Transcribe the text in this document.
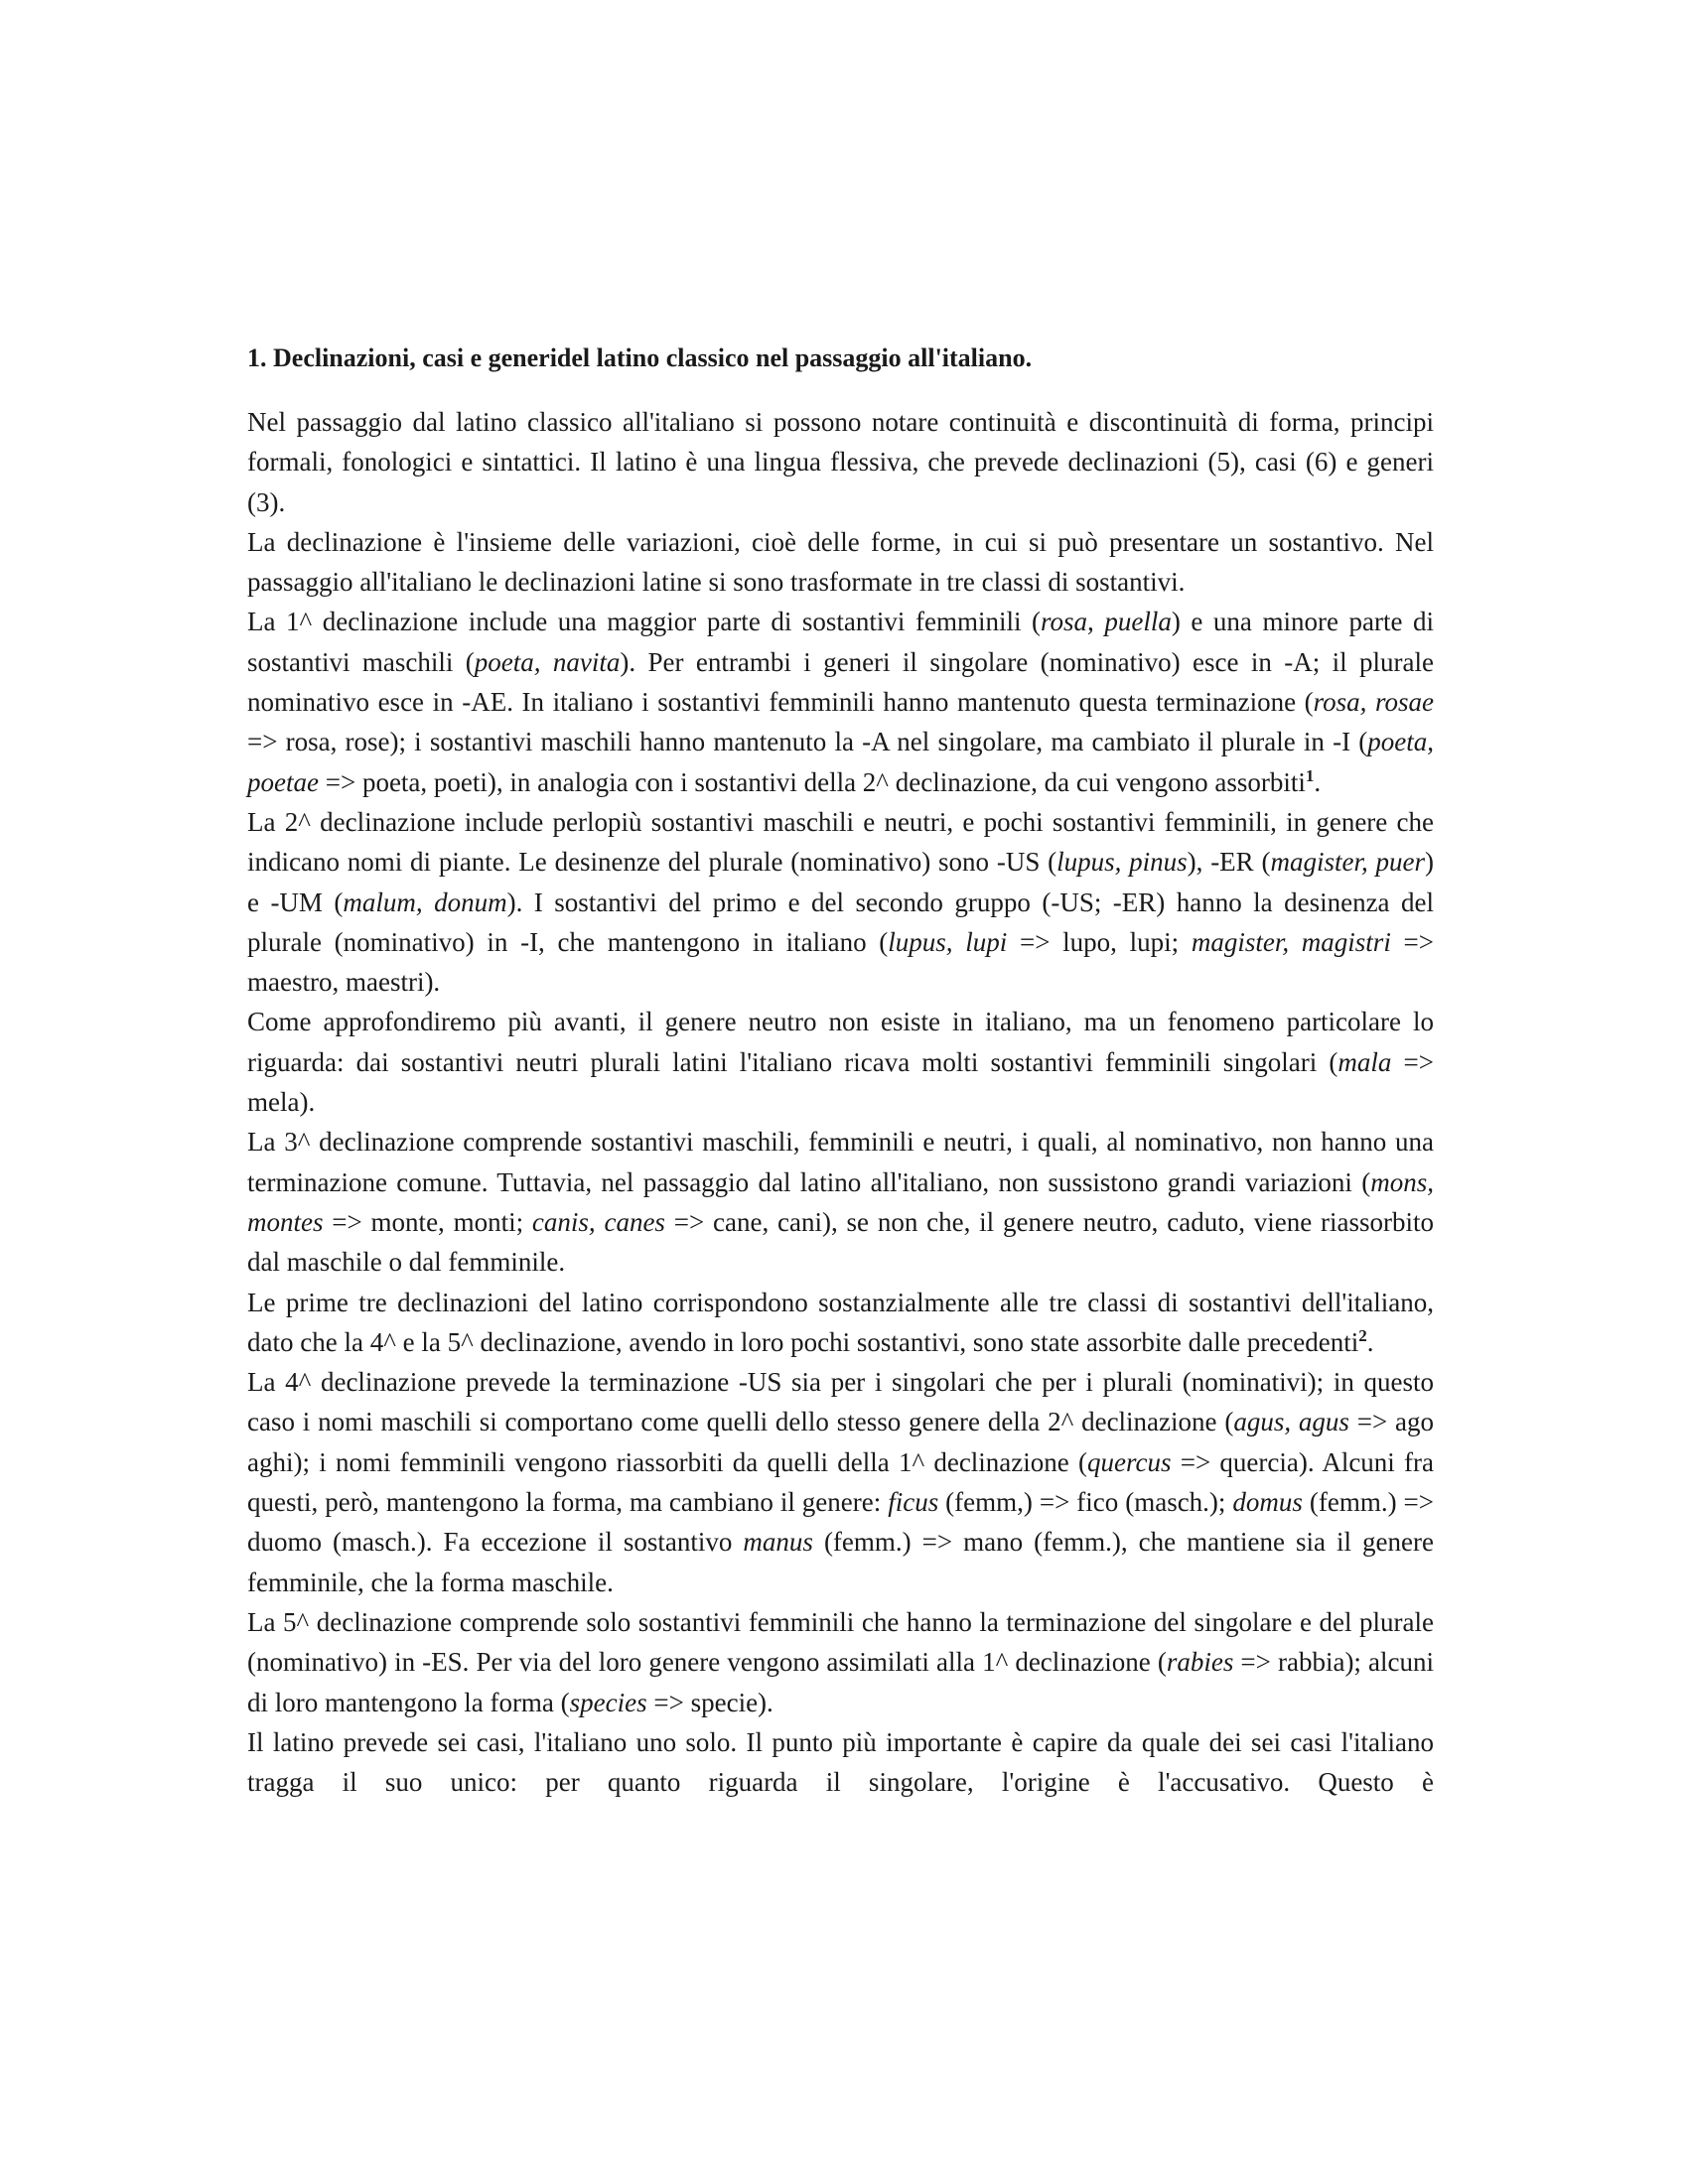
1. Declinazioni, casi e generidel latino classico nel passaggio all'italiano.

Nel passaggio dal latino classico all'italiano si possono notare continuità e discontinuità di forma, principi formali, fonologici e sintattici. Il latino è una lingua flessiva, che prevede declinazioni (5), casi (6) e generi (3).

La declinazione è l'insieme delle variazioni, cioè delle forme, in cui si può presentare un sostantivo. Nel passaggio all'italiano le declinazioni latine si sono trasformate in tre classi di sostantivi.

La 1^ declinazione include una maggior parte di sostantivi femminili (rosa, puella) e una minore parte di sostantivi maschili (poeta, navita). Per entrambi i generi il singolare (nominativo) esce in -A; il plurale nominativo esce in -AE. In italiano i sostantivi femminili hanno mantenuto questa terminazione (rosa, rosae => rosa, rose); i sostantivi maschili hanno mantenuto la -A nel singolare, ma cambiato il plurale in -I (poeta, poetae => poeta, poeti), in analogia con i sostantivi della 2^ declinazione, da cui vengono assorbiti$^1$.

La 2^ declinazione include perlopiù sostantivi maschili e neutri, e pochi sostantivi femminili, in genere che indicano nomi di piante. Le desinenze del plurale (nominativo) sono -US (lupus, pinus), -ER (magister, puer) e -UM (malum, donum). I sostantivi del primo e del secondo gruppo (-US; -ER) hanno la desinenza del plurale (nominativo) in -I, che mantengono in italiano (lupus, lupi => lupo, lupi; magister, magistri => maestro, maestri).

Come approfondiremo più avanti, il genere neutro non esiste in italiano, ma un fenomeno particolare lo riguarda: dai sostantivi neutri plurali latini l'italiano ricava molti sostantivi femminili singolari (mala => mela).

La 3^ declinazione comprende sostantivi maschili, femminili e neutri, i quali, al nominativo, non hanno una terminazione comune. Tuttavia, nel passaggio dal latino all'italiano, non sussistono grandi variazioni (mons, montes => monte, monti; canis, canes => cane, cani), se non che, il genere neutro, caduto, viene riassorbito dal maschile o dal femminile.

Le prime tre declinazioni del latino corrispondono sostanzialmente alle tre classi di sostantivi dell'italiano, dato che la 4^ e la 5^ declinazione, avendo in loro pochi sostantivi, sono state assorbite dalle precedenti$^2$.

La 4^ declinazione prevede la terminazione -US sia per i singolari che per i plurali (nominativi); in questo caso i nomi maschili si comportano come quelli dello stesso genere della 2^ declinazione (agus, agus => ago aghi); i nomi femminili vengono riassorbiti da quelli della 1^ declinazione (quercus => quercia). Alcuni fra questi, però, mantengono la forma, ma cambiano il genere: ficus (femm,) => fico (masch.); domus (femm.) => duomo (masch.). Fa eccezione il sostantivo manus (femm.) => mano (femm.), che mantiene sia il genere femminile, che la forma maschile.

La 5^ declinazione comprende solo sostantivi femminili che hanno la terminazione del singolare e del plurale (nominativo) in -ES. Per via del loro genere vengono assimilati alla 1^ declinazione (rabies => rabbia); alcuni di loro mantengono la forma (species => specie).

Il latino prevede sei casi, l'italiano uno solo. Il punto più importante è capire da quale dei sei casi l'italiano tragga il suo unico: per quanto riguarda il singolare, l'origine è l'accusativo. Questo è
